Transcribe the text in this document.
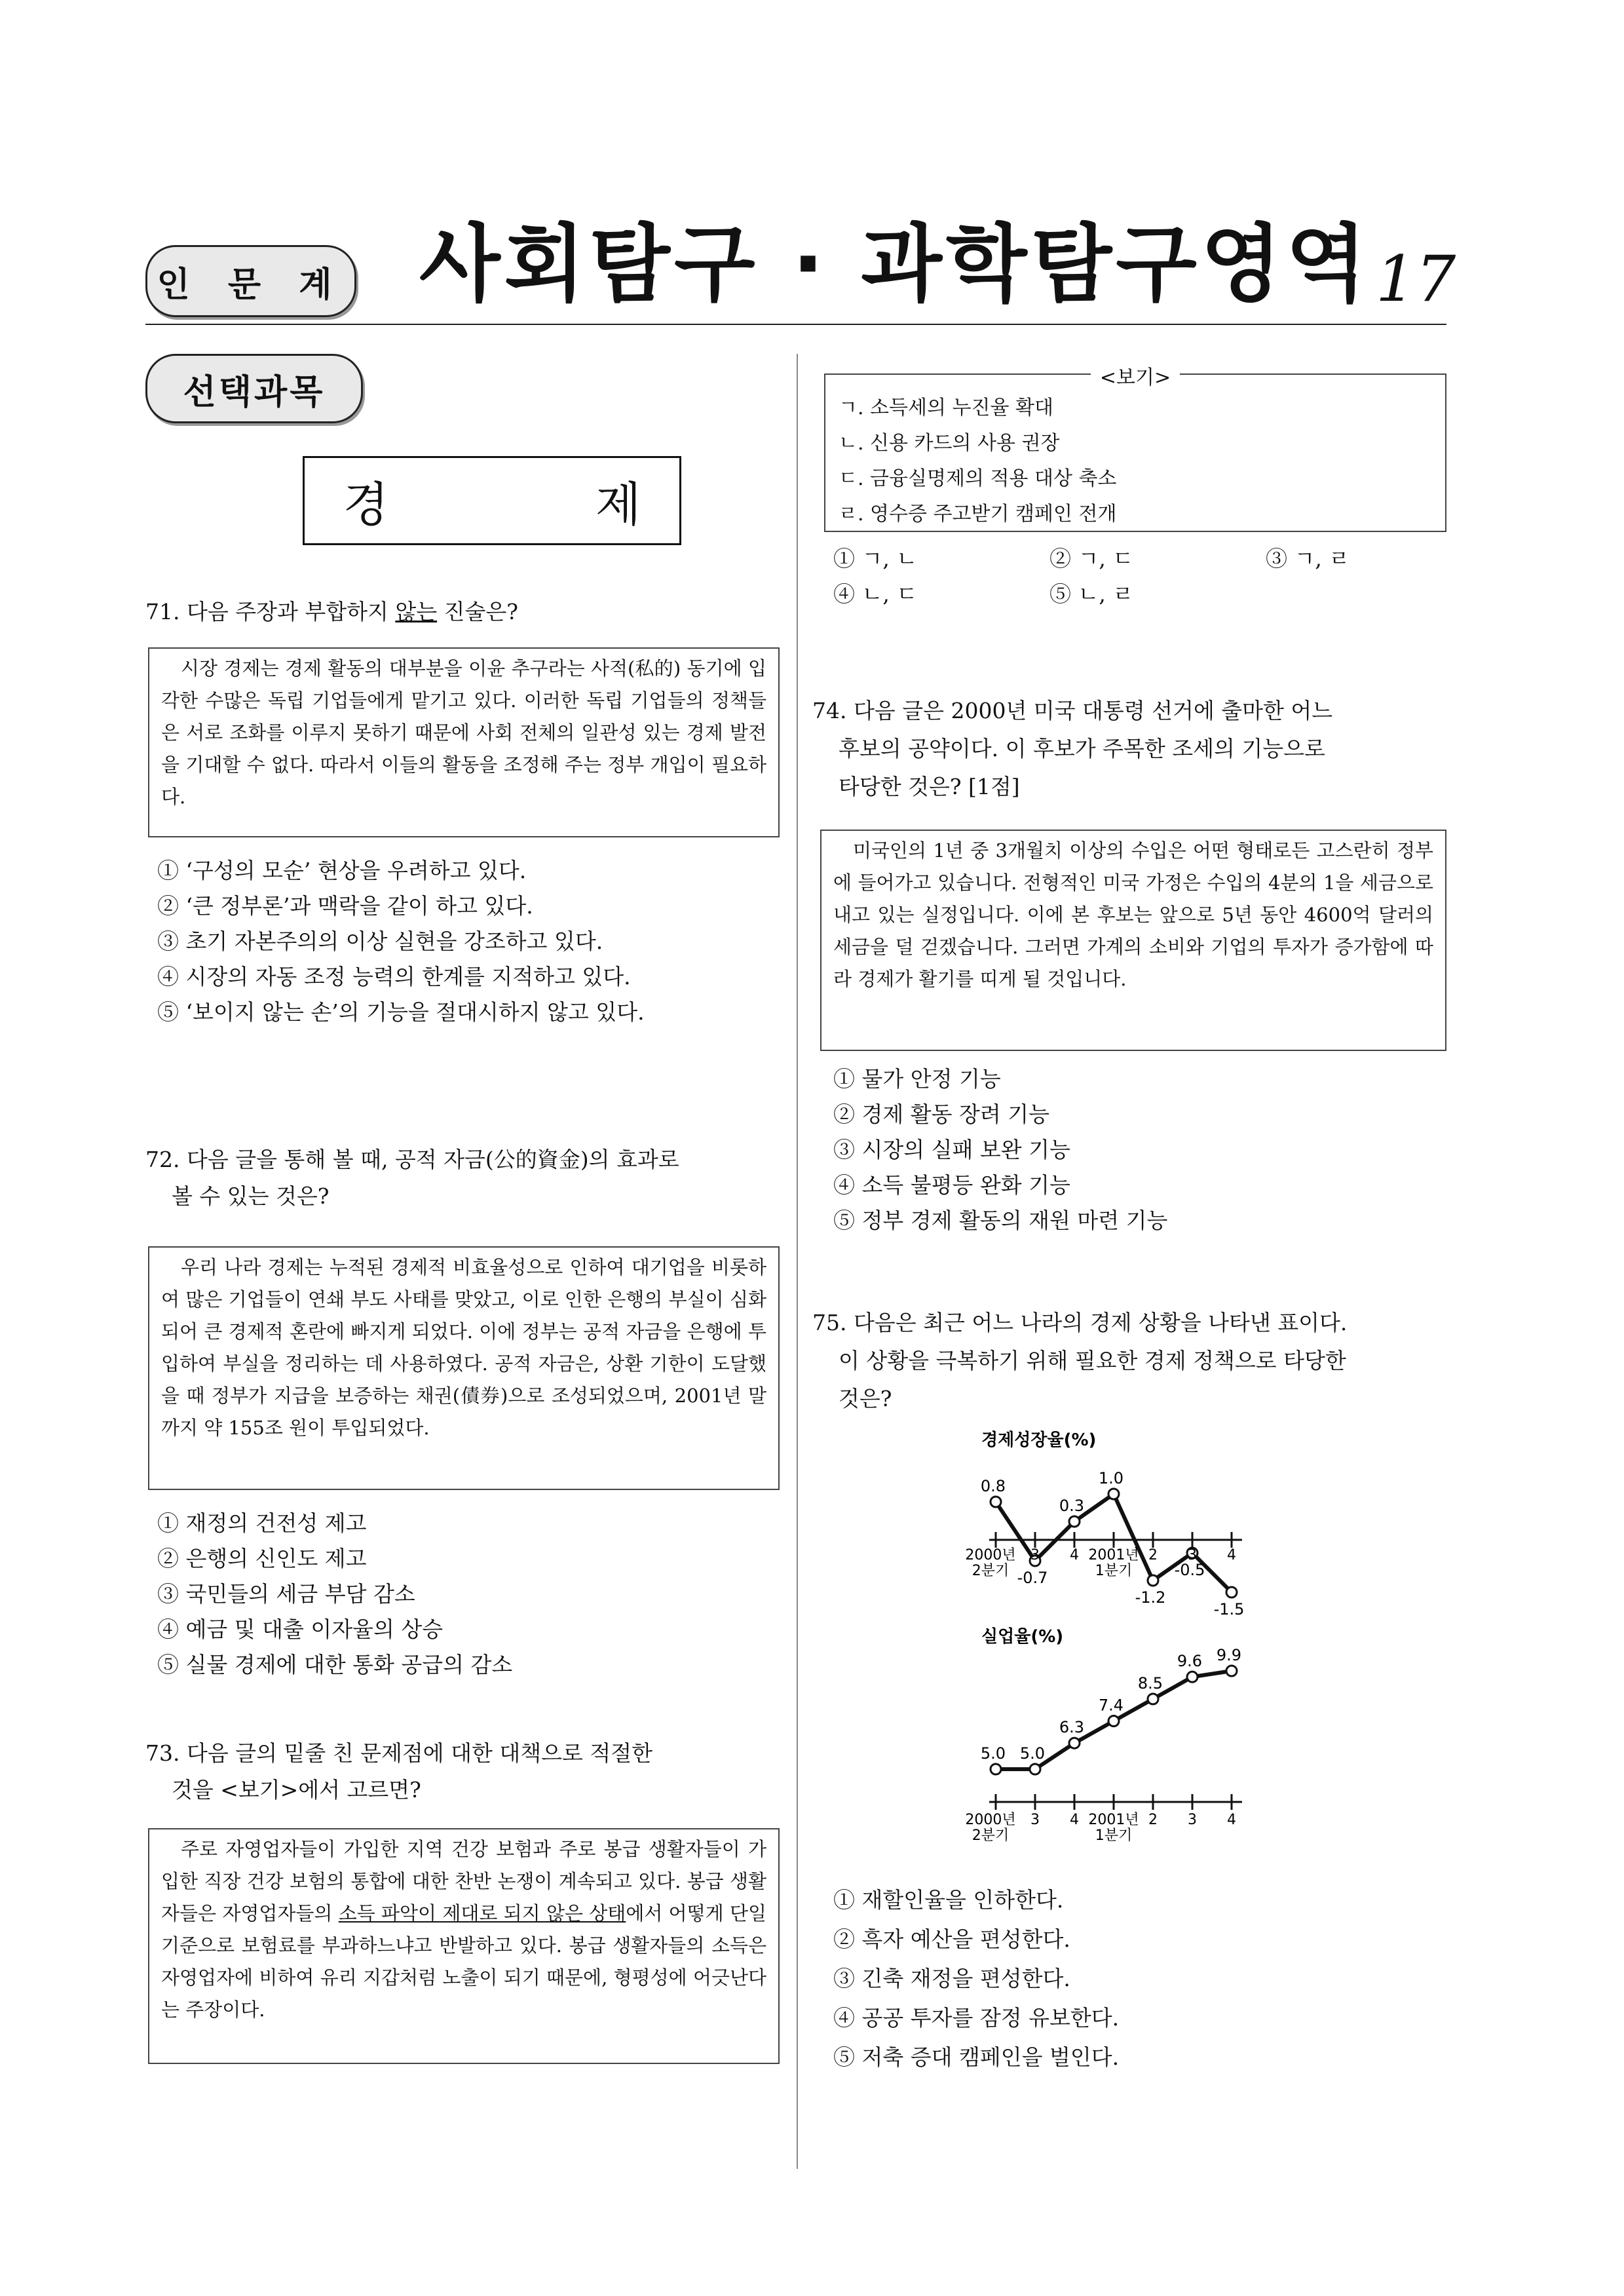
인 문 계 사회탐구 · 과학탐구영역 17
선택과목
경  제
71. 다음 주장과 부합하지 않는 진술은?
시장 경제는 경제 활동의 대부분을 이윤 추구라는 사적(私的) 동기에 입각한 수많은 독립 기업들에게 맡기고 있다. 이러한 독립 기업들의 정책들은 서로 조화를 이루지 못하기 때문에 사회 전체의 일관성 있는 경제 발전을 기대할 수 없다. 따라서 이들의 활동을 조정해 주는 정부 개입이 필요하다.
① ‘구성의 모순’ 현상을 우려하고 있다.
② ‘큰 정부론’과 맥락을 같이 하고 있다.
③ 초기 자본주의의 이상 실현을 강조하고 있다.
④ 시장의 자동 조정 능력의 한계를 지적하고 있다.
⑤ ‘보이지 않는 손’의 기능을 절대시하지 않고 있다.
72. 다음 글을 통해 볼 때, 공적 자금(公的資金)의 효과로
볼 수 있는 것은?
우리 나라 경제는 누적된 경제적 비효율성으로 인하여 대기업을 비롯하여 많은 기업들이 연쇄 부도 사태를 맞았고, 이로 인한 은행의 부실이 심화되어 큰 경제적 혼란에 빠지게 되었다. 이에 정부는 공적 자금을 은행에 투입하여 부실을 정리하는 데 사용하였다. 공적 자금은, 상환 기한이 도달했을 때 정부가 지급을 보증하는 채권(債券)으로 조성되었으며, 2001년 말까지 약 155조 원이 투입되었다.
① 재정의 건전성 제고
② 은행의 신인도 제고
③ 국민들의 세금 부담 감소
④ 예금 및 대출 이자율의 상승
⑤ 실물 경제에 대한 통화 공급의 감소
73. 다음 글의 밑줄 친 문제점에 대한 대책으로 적절한
것을 <보기>에서 고르면?
주로 자영업자들이 가입한 지역 건강 보험과 주로 봉급 생활자들이 가입한 직장 건강 보험의 통합에 대한 찬반 논쟁이 계속되고 있다. 봉급 생활자들은 자영업자들의 소득 파악이 제대로 되지 않은 상태에서 어떻게 단일 기준으로 보험료를 부과하느냐고 반발하고 있다. 봉급 생활자들의 소득은 자영업자에 비하여 유리 지갑처럼 노출이 되기 때문에, 형평성에 어긋난다는 주장이다.
<보기>
ㄱ. 소득세의 누진율 확대
ㄴ. 신용 카드의 사용 권장
ㄷ. 금융실명제의 적용 대상 축소
ㄹ. 영수증 주고받기 캠페인 전개
① ㄱ, ㄴ	② ㄱ, ㄷ	③ ㄱ, ㄹ
④ ㄴ, ㄷ	⑤ ㄴ, ㄹ
74. 다음 글은 2000년 미국 대통령 선거에 출마한 어느
후보의 공약이다. 이 후보가 주목한 조세의 기능으로
타당한 것은? [1점]
미국인의 1년 중 3개월치 이상의 수입은 어떤 형태로든 고스란히 정부에 들어가고 있습니다. 전형적인 미국 가정은 수입의 4분의 1을 세금으로 내고 있는 실정입니다. 이에 본 후보는 앞으로 5년 동안 4600억 달러의 세금을 덜 걷겠습니다. 그러면 가계의 소비와 기업의 투자가 증가함에 따라 경제가 활기를 띠게 될 것입니다.
① 물가 안정 기능
② 경제 활동 장려 기능
③ 시장의 실패 보완 기능
④ 소득 불평등 완화 기능
⑤ 정부 경제 활동의 재원 마련 기능
75. 다음은 최근 어느 나라의 경제 상황을 나타낸 표이다.
이 상황을 극복하기 위해 필요한 경제 정책으로 타당한
것은?
경제성장율(%)
0.8
-0.7
0.3
1.0
-1.2
-0.5
-1.5
2000년
2분기
3 4 2001년
1분기
2 3 4
실업율(%)
5.0 5.0
6.3
7.4
8.5
9.6 9.9
2000년
2분기
3 4 2001년
1분기
2 3 4
① 재할인율을 인하한다.
② 흑자 예산을 편성한다.
③ 긴축 재정을 편성한다.
④ 공공 투자를 잠정 유보한다.
⑤ 저축 증대 캠페인을 벌인다.
